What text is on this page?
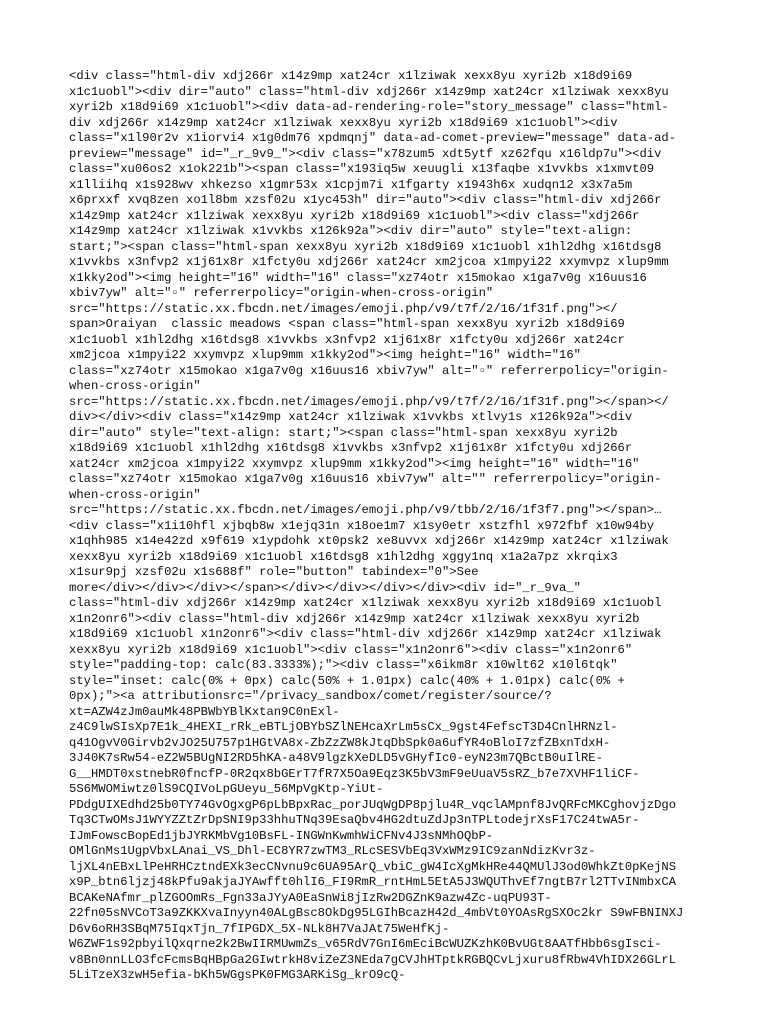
<div class="html-div xdj266r x14z9mp xat24cr x1lziwak xexx8yu xyri2b x18d9i69
x1c1uobl"><div dir="auto" class="html-div xdj266r x14z9mp xat24cr x1lziwak xexx8yu
xyri2b x18d9i69 x1c1uobl"><div data-ad-rendering-role="story_message" class="html-
div xdj266r x14z9mp xat24cr x1lziwak xexx8yu xyri2b x18d9i69 x1c1uobl"><div
class="x1l90r2v x1iorvi4 x1g0dm76 xpdmqnj" data-ad-comet-preview="message" data-ad-
preview="message" id="_r_9v9_"><div class="x78zum5 xdt5ytf xz62fqu x16ldp7u"><div
class="xu06os2 x1ok221b"><span class="x193iq5w xeuugli x13faqbe x1vvkbs x1xmvt09
x1lliihq x1s928wv xhkezso x1gmr53x x1cpjm7i x1fgarty x1943h6x xudqn12 x3x7a5m
x6prxxf xvq8zen xo1l8bm xzsf02u x1yc453h" dir="auto"><div class="html-div xdj266r
x14z9mp xat24cr x1lziwak xexx8yu xyri2b x18d9i69 x1c1uobl"><div class="xdj266r
x14z9mp xat24cr x1lziwak x1vvkbs x126k92a"><div dir="auto" style="text-align:
start;"><span class="html-span xexx8yu xyri2b x18d9i69 x1c1uobl x1hl2dhg x16tdsg8
x1vvkbs x3nfvp2 x1j61x8r x1fcty0u xdj266r xat24cr xm2jcoa x1mpyi22 xxymvpz xlup9mm
x1kky2od"><img height="16" width="16" class="xz74otr x15mokao x1ga7v0g x16uus16
xbiv7yw" alt="▫" referrerpolicy="origin-when-cross-origin"
src="https://static.xx.fbcdn.net/images/emoji.php/v9/t7f/2/16/1f31f.png"></
span>Oraiyan  classic meadows <span class="html-span xexx8yu xyri2b x18d9i69
x1c1uobl x1hl2dhg x16tdsg8 x1vvkbs x3nfvp2 x1j61x8r x1fcty0u xdj266r xat24cr
xm2jcoa x1mpyi22 xxymvpz xlup9mm x1kky2od"><img height="16" width="16"
class="xz74otr x15mokao x1ga7v0g x16uus16 xbiv7yw" alt="▫" referrerpolicy="origin-
when-cross-origin"
src="https://static.xx.fbcdn.net/images/emoji.php/v9/t7f/2/16/1f31f.png"></span></
div></div><div class="x14z9mp xat24cr x1lziwak x1vvkbs xtlvy1s x126k92a"><div
dir="auto" style="text-align: start;"><span class="html-span xexx8yu xyri2b
x18d9i69 x1c1uobl x1hl2dhg x16tdsg8 x1vvkbs x3nfvp2 x1j61x8r x1fcty0u xdj266r
xat24cr xm2jcoa x1mpyi22 xxymvpz xlup9mm x1kky2od"><img height="16" width="16"
class="xz74otr x15mokao x1ga7v0g x16uus16 xbiv7yw" alt="" referrerpolicy="origin-
when-cross-origin"
src="https://static.xx.fbcdn.net/images/emoji.php/v9/tbb/2/16/1f3f7.png"></span>…
<div class="x1i10hfl xjbqb8w x1ejq31n x18oe1m7 x1sy0etr xstzfhl x972fbf x10w94by
x1qhh985 x14e42zd x9f619 x1ypdohk xt0psk2 xe8uvvx xdj266r x14z9mp xat24cr x1lziwak
xexx8yu xyri2b x18d9i69 x1c1uobl x16tdsg8 x1hl2dhg xggy1nq x1a2a7pz xkrqix3
x1sur9pj xzsf02u x1s688f" role="button" tabindex="0">See
more</div></div></div></span></div></div></div></div><div id="_r_9va_"
class="html-div xdj266r x14z9mp xat24cr x1lziwak xexx8yu xyri2b x18d9i69 x1c1uobl
x1n2onr6"><div class="html-div xdj266r x14z9mp xat24cr x1lziwak xexx8yu xyri2b
x18d9i69 x1c1uobl x1n2onr6"><div class="html-div xdj266r x14z9mp xat24cr x1lziwak
xexx8yu xyri2b x18d9i69 x1c1uobl"><div class="x1n2onr6"><div class="x1n2onr6"
style="padding-top: calc(83.3333%);"><div class="x6ikm8r x10wlt62 x10l6tqk"
style="inset: calc(0% + 0px) calc(50% + 1.01px) calc(40% + 1.01px) calc(0% +
0px);"><a attributionsrc="/privacy_sandbox/comet/register/source/?
xt=AZW4zJm0auMk48PBWbYBlKxtan9C0nExl-
z4C9lwSIsXp7E1k_4HEXI_rRk_eBTLjOBYbSZlNEHcaXrLm5sCx_9gst4FefscT3D4CnlHRNzl-
q41OgvV0Girvb2vJO25U757p1HGtVA8x-ZbZzZW8kJtqDbSpk0a6ufYR4oBloI7zfZBxnTdxH-
3J40K7sRw54-eZ2W5BUgNI2RD5hKA-a48V9lgzkXeDLD5vGHyfIc0-eyN23m7QBctB0uIlRE-
G__HMDT0xstnebR0fncfP-0R2qx8bGErT7fR7X5Oa9Eqz3K5bV3mF9eUuaV5sRZ_b7e7XVHF1liCF-
5S6MWOMiwtz0lS9CQIVoLpGUeyu_56MpVgKtp-YiUt-
PDdgUIXEdhd25b0TY74GvOgxgP6pLbBpxRac_porJUqWgDP8pjlu4R_vqclAMpnf8JvQRFcMKCghovjzDgo
Tq3CTwOMsJ1WYYZZtZrDpSNI9p33hhuTNq39EsaQbv4HG2dtuZdJp3nTPLtodejrXsF17C24twA5r-
IJmFowscBopEd1jbJYRKMbVg10BsFL-INGWnKwmhWiCFNv4J3sNMhOQbP-
OMlGnMs1UgpVbxLAnai_VS_Dhl-EC8YR7zwTM3_RLcSESVbEq3VxWMz9IC9zanNdizKvr3z-
ljXL4nEBxLlPeHRHCztndEXk3ecCNvnu9c6UA95ArQ_vbiC_gW4IcXgMkHRe44QMUlJ3od0WhkZt0pKejNS
x9P_btn6ljzj48kPfu9akjaJYAwfft0hlI6_FI9RmR_rntHmL5EtA5J3WQUThvEf7ngtB7rl2TTvINmbxCA
BCAKeNAfmr_plZGOOmRs_Fgn33aJYyA0EaSnWi8jIzRw2DGZnK9azw4Zc-uqPU93T-
22fn05sNVCoT3a9ZKKXvaInyyn40ALgBsc8OkDg95LGIhBcazH42d_4mbVt0YOAsRgSXOc2kr S9wFBNINXJ
D6v6oRH3SBqM75IqxTjn_7fIPGDX_5X-NLk8H7VaJAt75WeHfKj-
W6ZWF1s92pbyilQxqrne2k2BwIIRMUwmZs_v65RdV7GnI6mEciBcWUZKzhK0BvUGt8AATfHbb6sgIsci-
v8Bn0nnLLO3fcFcmsBqHBpGa2GIwtrkH8viZeZ3NEda7gCVJhHTptkRGBQCvLjxuru8fRbw4VhIDX26GLrL
5LiTzeX3zwH5efia-bKh5WGgsPK0FMG3ARKiSg_krO9cQ-
